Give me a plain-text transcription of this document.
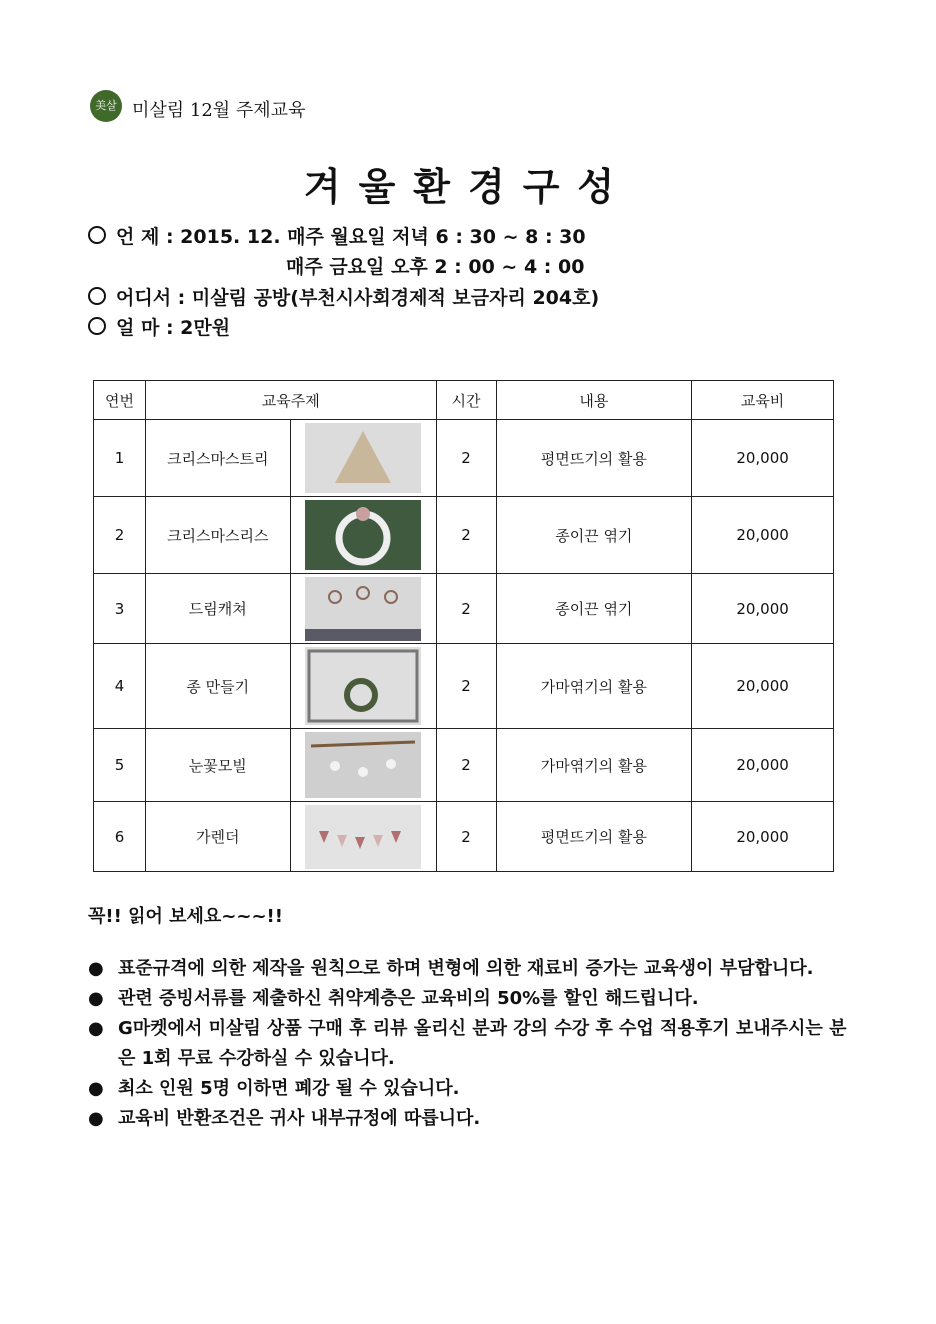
美살림
미살림 12월 주제교육
겨울환경구성
언 제 : 2015. 12. 매주 월요일 저녁 6 : 30 ~ 8 : 30
매주 금요일 오후 2 : 00 ~ 4 : 00
어디서 : 미살림 공방(부천시사회경제적 보금자리 204호)
얼 마 : 2만원
연번	교육주제		시간	내용	교육비
1	크리스마스트리		2	평면뜨기의 활용	20,000
2	크리스마스리스		2	종이끈 엮기	20,000
3	드림캐쳐		2	종이끈 엮기	20,000
4	종 만들기		2	가마엮기의 활용	20,000
5	눈꽃모빌		2	가마엮기의 활용	20,000
6	가렌더		2	평면뜨기의 활용	20,000
꼭!! 읽어 보세요~~~!!
● 표준규격에 의한 제작을 원칙으로 하며 변형에 의한 재료비 증가는 교육생이 부담합니다.
● 관련 증빙서류를 제출하신 취약계층은 교육비의 50%를 할인 해드립니다.
● G마켓에서 미살림 상품 구매 후 리뷰 올리신 분과 강의 수강 후 수업 적용후기 보내주시는 분은 1회 무료 수강하실 수 있습니다.
● 최소 인원 5명 이하면 폐강 될 수 있습니다.
● 교육비 반환조건은 귀사 내부규정에 따릅니다.
